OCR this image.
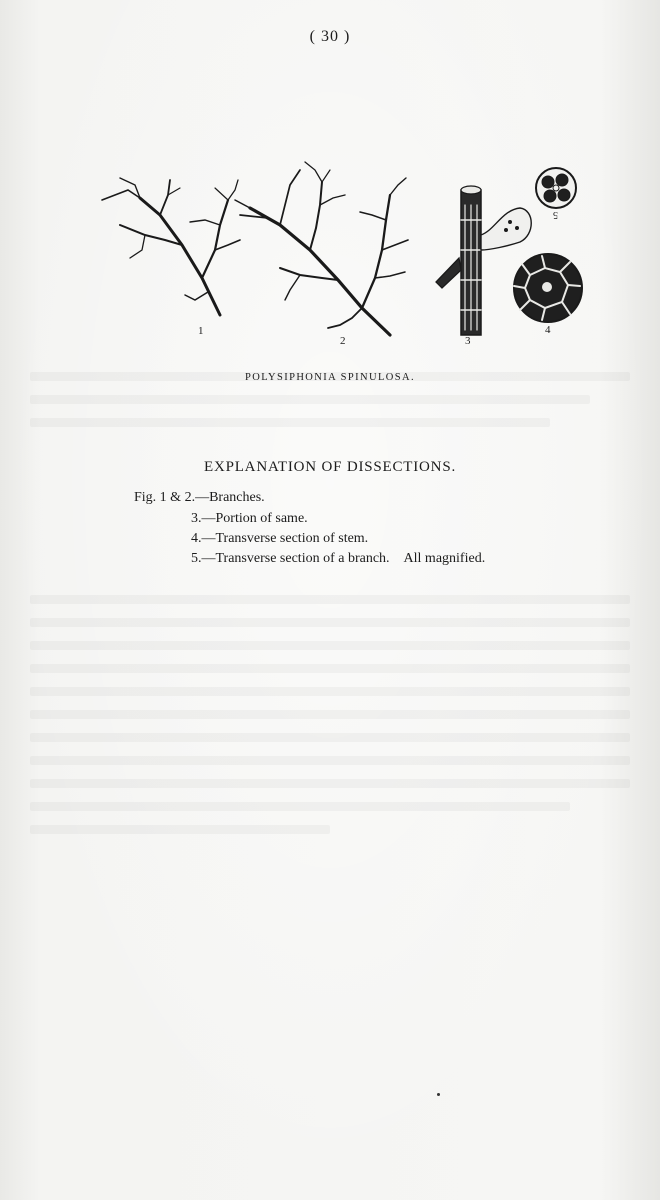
( 30 )
1
2	3
4
5
POLYSIPHONIA SPINULOSA.
EXPLANATION OF DISSECTIONS.
Fig. 1 & 2.—Branches.
3.—Portion of same.
4.—Transverse section of stem.
5.—Transverse section of a branch. All magnified.
